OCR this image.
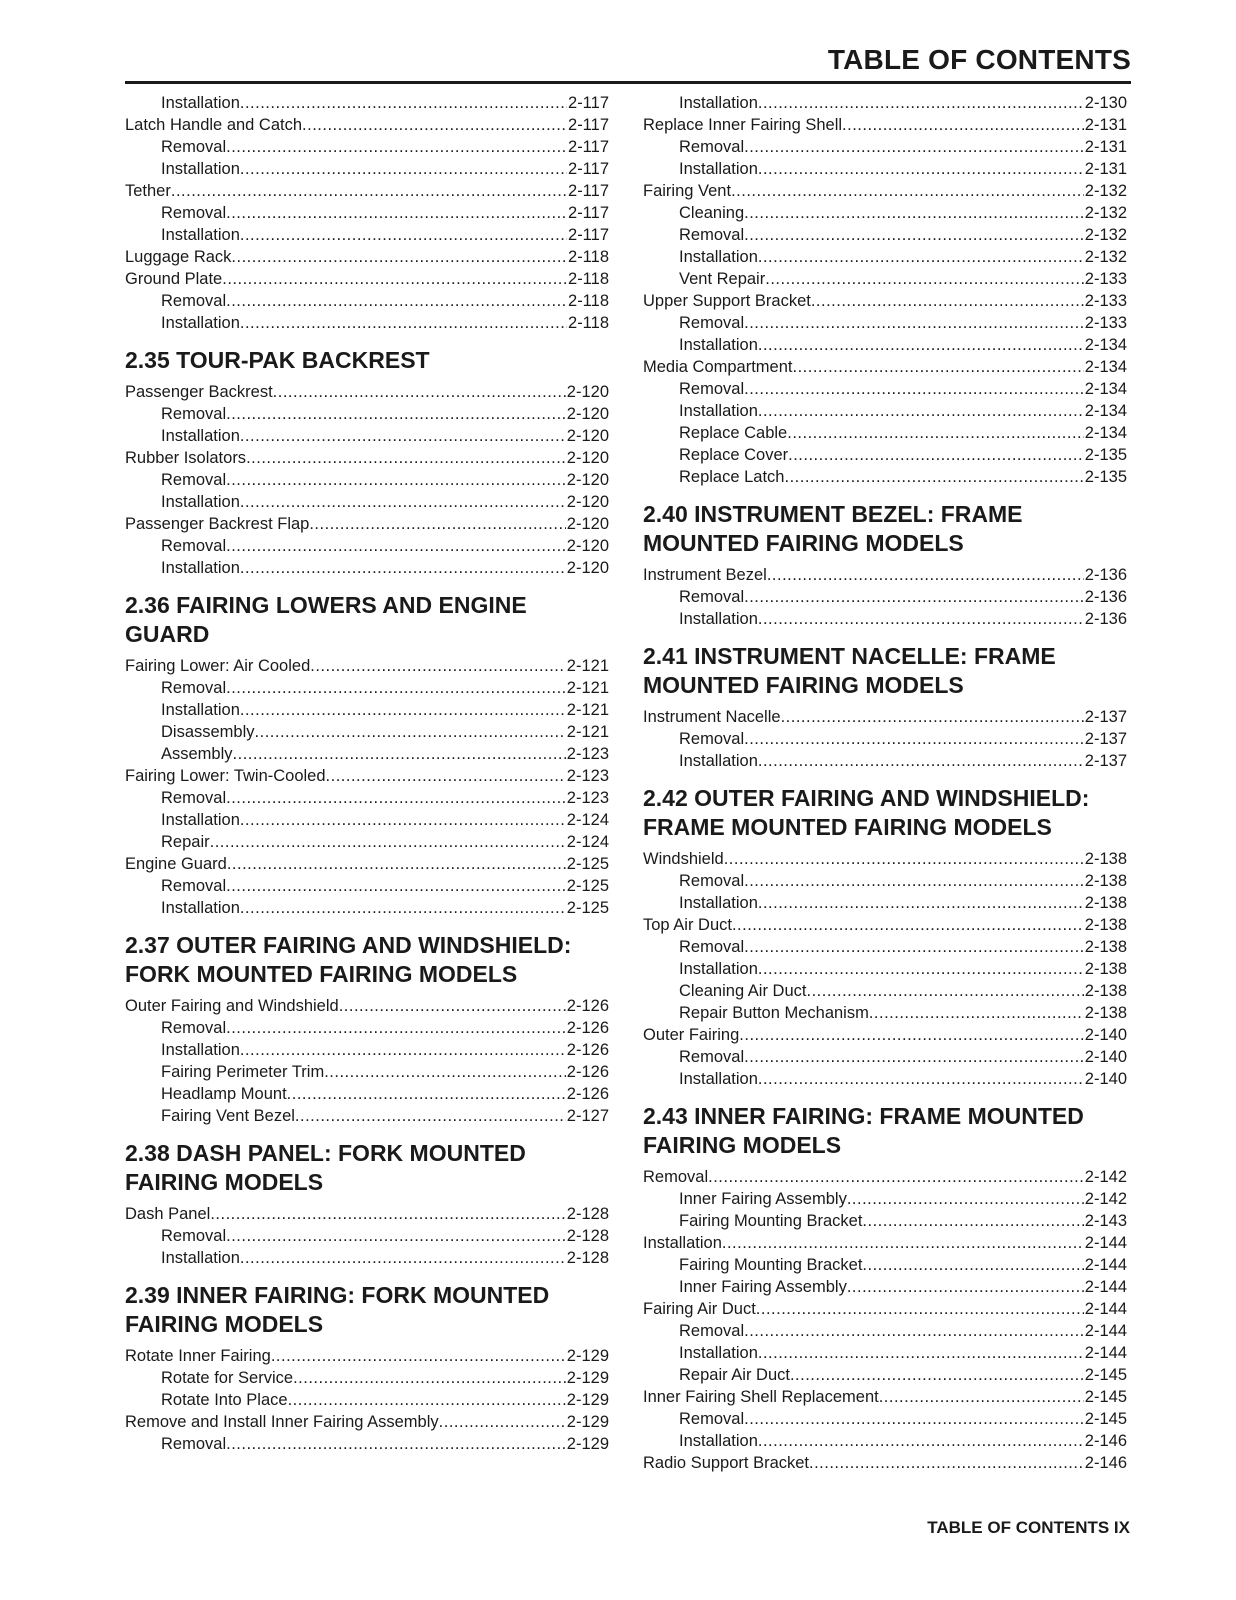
TABLE OF CONTENTS
Installation .....	2-117
Latch Handle and Catch .....	2-117
Removal .....	2-117
Installation .....	2-117
Tether .....	2-117
Removal .....	2-117
Installation .....	2-117
Luggage Rack .....	2-118
Ground Plate .....	2-118
Removal .....	2-118
Installation .....	2-118
2.35 TOUR-PAK BACKREST
Passenger Backrest .....	2-120
Removal .....	2-120
Installation .....	2-120
Rubber Isolators .....	2-120
Removal .....	2-120
Installation .....	2-120
Passenger Backrest Flap .....	2-120
Removal .....	2-120
Installation .....	2-120
2.36 FAIRING LOWERS AND ENGINE
GUARD
Fairing Lower: Air Cooled .....	2-121
Removal .....	2-121
Installation .....	2-121
Disassembly .....	2-121
Assembly .....	2-123
Fairing Lower: Twin-Cooled .....	2-123
Removal .....	2-123
Installation .....	2-124
Repair .....	2-124
Engine Guard .....	2-125
Removal .....	2-125
Installation .....	2-125
2.37 OUTER FAIRING AND WINDSHIELD:
FORK MOUNTED FAIRING MODELS
Outer Fairing and Windshield .....	2-126
Removal .....	2-126
Installation .....	2-126
Fairing Perimeter Trim .....	2-126
Headlamp Mount .....	2-126
Fairing Vent Bezel .....	2-127
2.38 DASH PANEL: FORK MOUNTED
FAIRING MODELS
Dash Panel .....	2-128
Removal .....	2-128
Installation .....	2-128
2.39 INNER FAIRING: FORK MOUNTED
FAIRING MODELS
Rotate Inner Fairing .....	2-129
Rotate for Service .....	2-129
Rotate Into Place .....	2-129
Remove and Install Inner Fairing Assembly .....	2-129
Removal .....	2-129
Installation .....	2-130
Replace Inner Fairing Shell .....	2-131
Removal .....	2-131
Installation .....	2-131
Fairing Vent .....	2-132
Cleaning .....	2-132
Removal .....	2-132
Installation .....	2-132
Vent Repair .....	2-133
Upper Support Bracket .....	2-133
Removal .....	2-133
Installation .....	2-134
Media Compartment .....	2-134
Removal .....	2-134
Installation .....	2-134
Replace Cable .....	2-134
Replace Cover .....	2-135
Replace Latch .....	2-135
2.40 INSTRUMENT BEZEL: FRAME
MOUNTED FAIRING MODELS
Instrument Bezel .....	2-136
Removal .....	2-136
Installation .....	2-136
2.41 INSTRUMENT NACELLE: FRAME
MOUNTED FAIRING MODELS
Instrument Nacelle .....	2-137
Removal .....	2-137
Installation .....	2-137
2.42 OUTER FAIRING AND WINDSHIELD:
FRAME MOUNTED FAIRING MODELS
Windshield .....	2-138
Removal .....	2-138
Installation .....	2-138
Top Air Duct .....	2-138
Removal .....	2-138
Installation .....	2-138
Cleaning Air Duct .....	2-138
Repair Button Mechanism .....	2-138
Outer Fairing .....	2-140
Removal .....	2-140
Installation .....	2-140
2.43 INNER FAIRING: FRAME MOUNTED
FAIRING MODELS
Removal .....	2-142
Inner Fairing Assembly .....	2-142
Fairing Mounting Bracket .....	2-143
Installation .....	2-144
Fairing Mounting Bracket .....	2-144
Inner Fairing Assembly .....	2-144
Fairing Air Duct .....	2-144
Removal .....	2-144
Installation .....	2-144
Repair Air Duct .....	2-145
Inner Fairing Shell Replacement .....	2-145
Removal .....	2-145
Installation .....	2-146
Radio Support Bracket .....	2-146
TABLE OF CONTENTS IX
